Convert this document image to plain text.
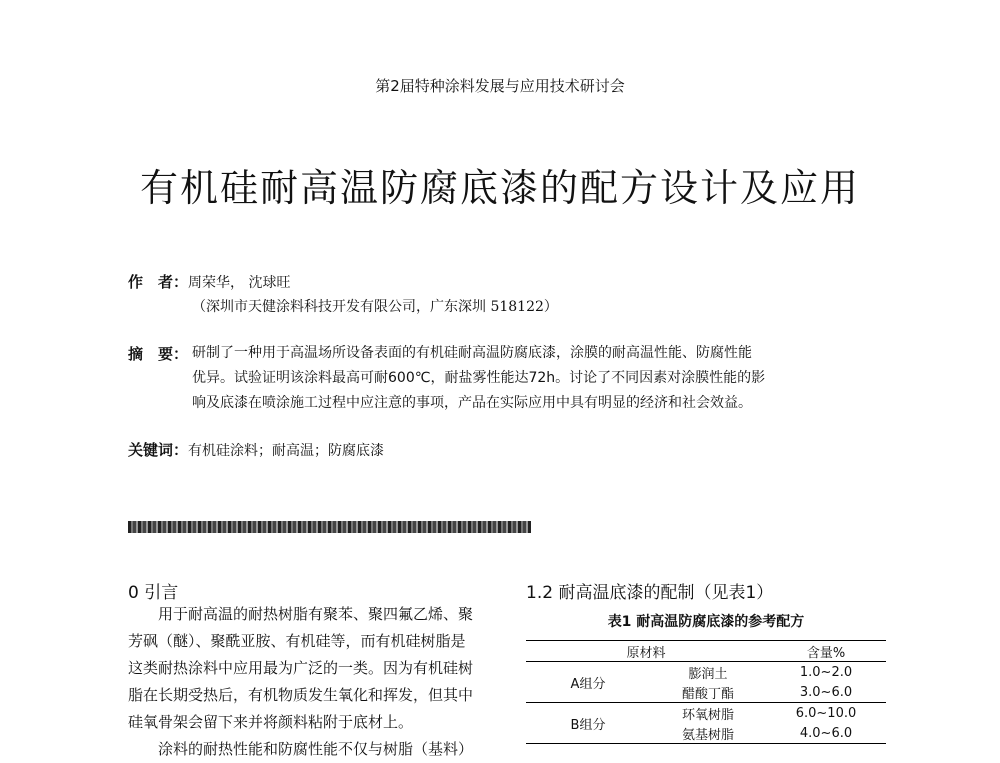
第2届特种涂料发展与应用技术研讨会
有机硅耐高温防腐底漆的配方设计及应用
作　者：周荣华， 沈球旺
（深圳市天健涂料科技开发有限公司，广东深圳 518122）
摘　要： 研制了一种用于高温场所设备表面的有机硅耐高温防腐底漆，涂膜的耐高温性能、防腐性能
优异。试验证明该涂料最高可耐600℃，耐盐雾性能达72h。讨论了不同因素对涂膜性能的影
响及底漆在喷涂施工过程中应注意的事项，产品在实际应用中具有明显的经济和社会效益。
关键词：有机硅涂料；耐高温；防腐底漆
0 引言
用于耐高温的耐热树脂有聚苯、聚四氟乙烯、聚
芳砜（醚）、聚酰亚胺、有机硅等，而有机硅树脂是
这类耐热涂料中应用最为广泛的一类。因为有机硅树
脂在长期受热后，有机物质发生氧化和挥发，但其中
硅氧骨架会留下来并将颜料粘附于底材上。
涂料的耐热性能和防腐性能不仅与树脂（基料）
1.2 耐高温底漆的配制（见表1）
表1 耐高温防腐底漆的参考配方
原材料		含量%
A组分	膨润土	1.0~2.0
	醋酸丁酯	3.0~6.0
B组分	环氧树脂	6.0~10.0
	氨基树脂	4.0~6.0
